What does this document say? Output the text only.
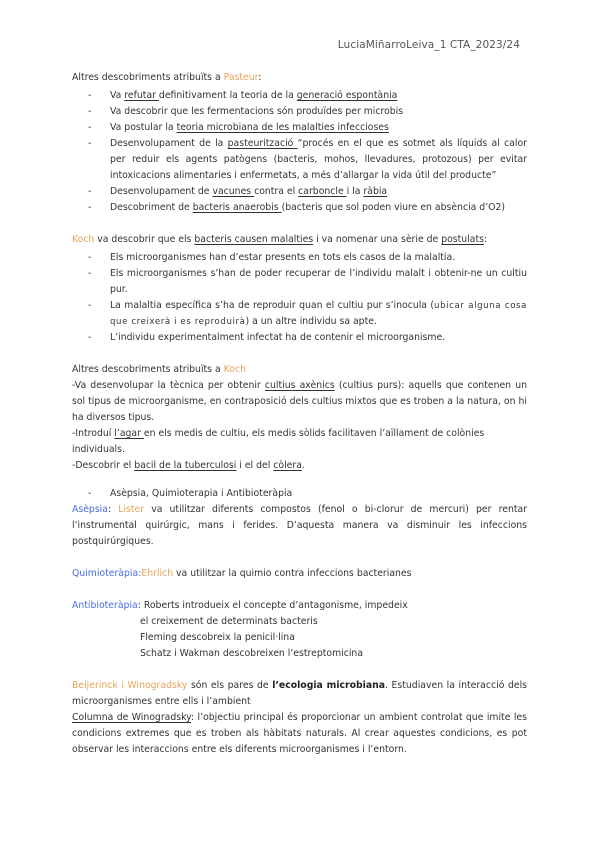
LuciaMiñarroLeiva_1 CTA_2023/24

Altres descobriments atribuïts a Pasteur:

- Va refutar definitivament la teoria de la generació espontània
- Va descobrir que les fermentacions són produïdes per microbis
- Va postular la teoria microbiana de les malalties infeccioses
- Desenvolupament de la pasteurització “procés en el que es sotmet als líquids al calor per reduir els agents patògens (bacteris, mohos, llevadures, protozous) per evitar intoxicacions alimentaries i enfermetats, a més d’allargar la vida útil del producte”
- Desenvolupament de vacunes contra el carboncle i la ràbia
- Descobriment de bacteris anaerobis (bacteris que sol poden viure en absència d’O2)

Koch va descobrir que els bacteris causen malalties i va nomenar una sèrie de postulats:

- Els microorganismes han d’estar presents en tots els casos de la malaltia.
- Els microorganismes s’han de poder recuperar de l’individu malalt i obtenir-ne un cultiu pur.
- La malaltia específica s’ha de reproduir quan el cultiu pur s’inocula (ubicar alguna cosa que creixerà i es reproduirà) a un altre individu sa apte.
- L’individu experimentalment infectat ha de contenir el microorganisme.

Altres descobriments atribuïts a Koch

-Va desenvolupar la tècnica per obtenir cultius axènics (cultius purs): aquells que contenen un sol tipus de microorganisme, en contraposició dels cultius mixtos que es troben a la natura, on hi ha diversos tipus.

-Introduí l’agar en els medis de cultiu, els medis sòlids facilitaven l’aïllament de colònies individuals.

-Descobrir el bacil de la tuberculosi i el del còlera.

- Asèpsia, Quimioterapia i Antibioteràpia

Asèpsia: Lister va utilitzar diferents compostos (fenol o bi-clorur de mercuri) per rentar l’instrumental quirúrgic, mans i ferides. D’aquesta manera va disminuir les infeccions postquirúrgiques.

Quimioteràpia:Ehrlich va utilitzar la quimio contra infeccions bacterianes

Antibioteràpia: Roberts introdueix el concepte d’antagonisme, impedeix

el creixement de determinats bacteris

Fleming descobreix la penicil·lina

Schatz i Wakman descobreixen l’estreptomicina

Beijerinck i Winogradsky són els pares de l’ecologia microbiana. Estudiaven la interacció dels microorganismes entre ells i l’ambient

Columna de Winogradsky: l’objectiu principal és proporcionar un ambient controlat que imite les condicions extremes que es troben als hàbitats naturals. Al crear aquestes condicions, es pot observar les interaccions entre els diferents microorganismes i l’entorn.
